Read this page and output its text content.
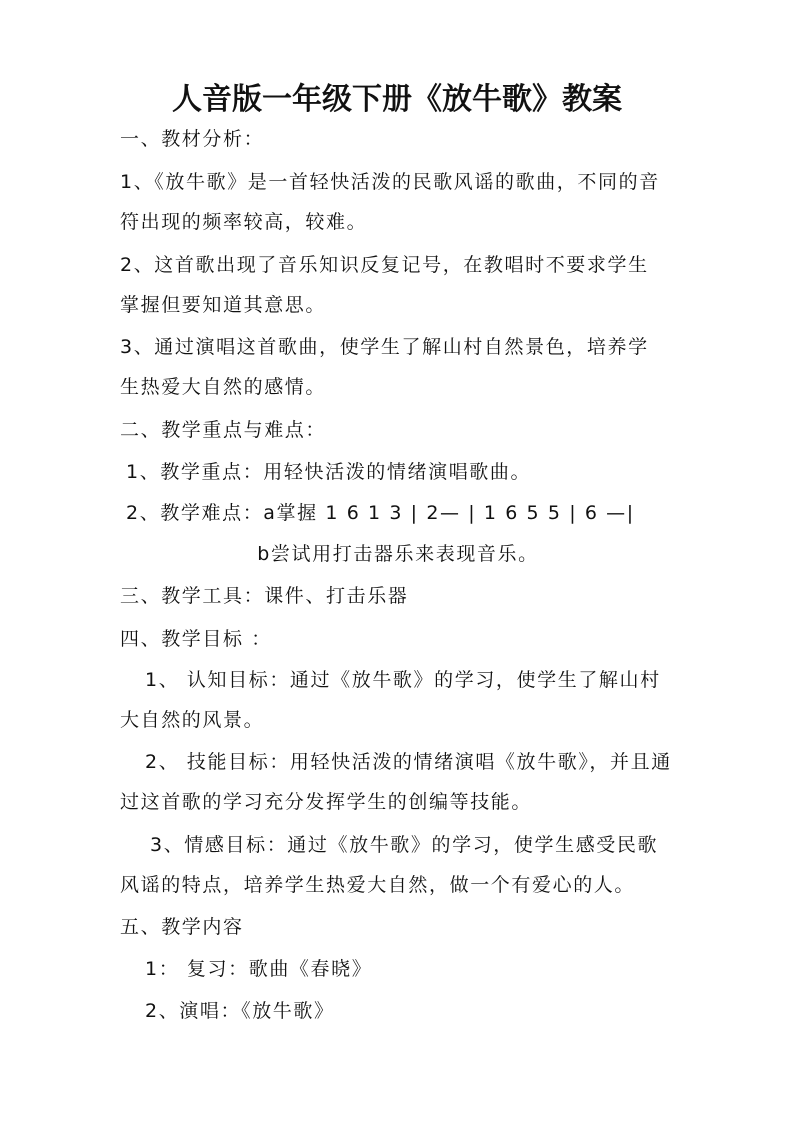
人音版一年级下册《放牛歌》教案
一、教材分析：
1、《放牛歌》是一首轻快活泼的民歌风谣的歌曲，不同的音
符出现的频率较高，较难。
2、这首歌出现了音乐知识反复记号，在教唱时不要求学生
掌握但要知道其意思。
3、通过演唱这首歌曲，使学生了解山村自然景色，培养学
生热爱大自然的感情。
二、教学重点与难点：
1、教学重点：用轻快活泼的情绪演唱歌曲。
2、教学难点：a掌握 1 6 1 3 | 2— | 1 6 5 5 | 6 —|
b尝试用打击器乐来表现音乐。
三、教学工具：课件、打击乐器
四、教学目标 ：
1、 认知目标：通过《放牛歌》的学习，使学生了解山村
大自然的风景。
2、 技能目标：用轻快活泼的情绪演唱《放牛歌》，并且通
过这首歌的学习充分发挥学生的创编等技能。
3、情感目标：通过《放牛歌》的学习，使学生感受民歌
风谣的特点，培养学生热爱大自然，做一个有爱心的人。
五、教学内容
1： 复习：歌曲《春晓》
2、演唱：《放牛歌》
